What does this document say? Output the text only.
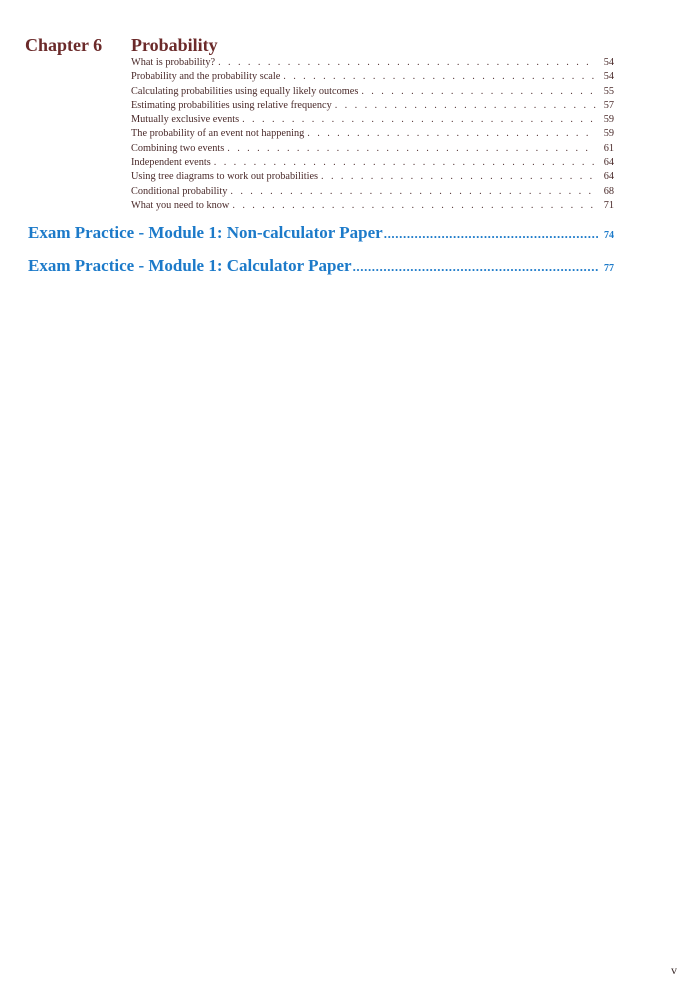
Chapter 6 Probability
What is probability? . . .	54
Probability and the probability scale . . .	54
Calculating probabilities using equally likely outcomes . . .	55
Estimating probabilities using relative frequency . . .	57
Mutually exclusive events . . .	59
The probability of an event not happening . . .	59
Combining two events . . .	61
Independent events . . .	64
Using tree diagrams to work out probabilities . . .	64
Conditional probability . . .	68
What you need to know . . .	71
Exam Practice - Module 1: Non-calculator Paper .....	74
Exam Practice - Module 1: Calculator Paper .....	77
v
